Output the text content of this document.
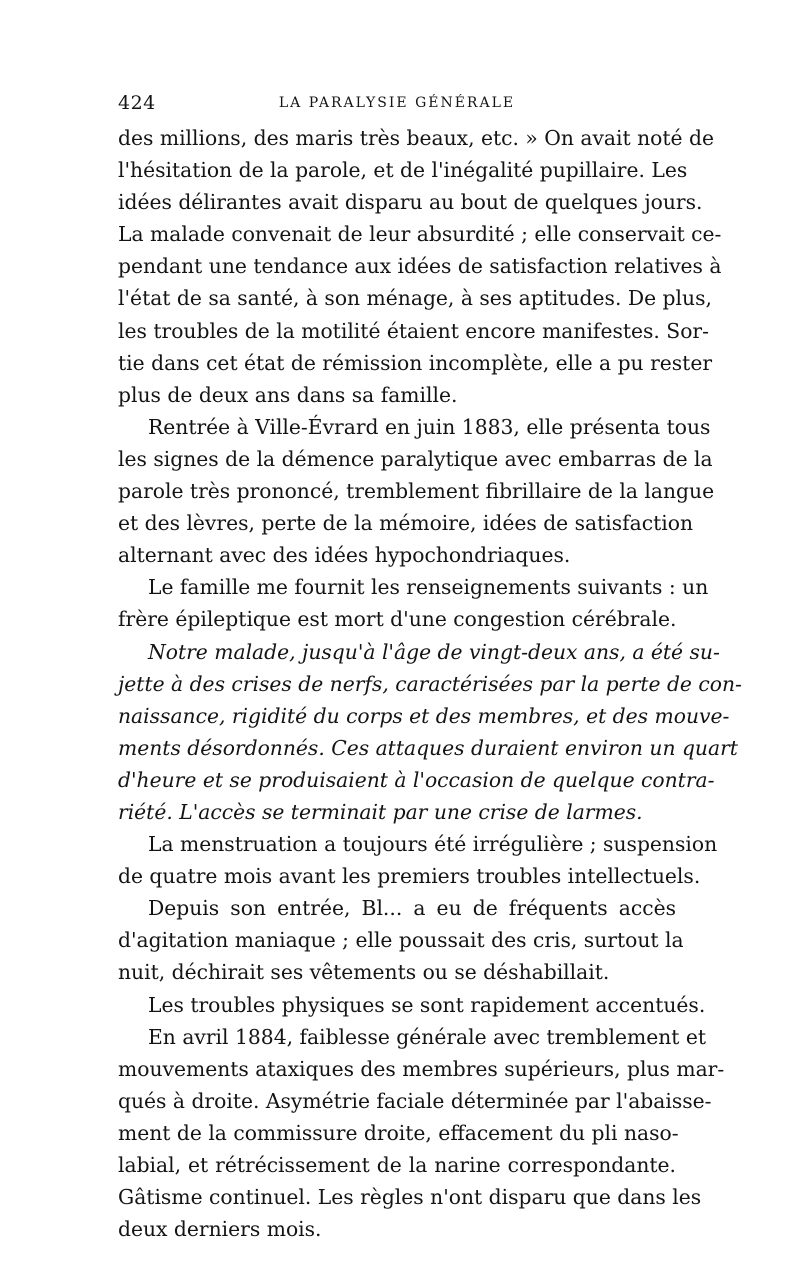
424	LA PARALYSIE GÉNÉRALE
des millions, des maris très beaux, etc. » On avait noté de
l'hésitation de la parole, et de l'inégalité pupillaire. Les
idées délirantes avait disparu au bout de quelques jours.
La malade convenait de leur absurdité ; elle conservait ce-
pendant une tendance aux idées de satisfaction relatives à
l'état de sa santé, à son ménage, à ses aptitudes. De plus,
les troubles de la motilité étaient encore manifestes. Sor-
tie dans cet état de rémission incomplète, elle a pu rester
plus de deux ans dans sa famille.
Rentrée à Ville-Évrard en juin 1883, elle présenta tous
les signes de la démence paralytique avec embarras de la
parole très prononcé, tremblement fibrillaire de la langue
et des lèvres, perte de la mémoire, idées de satisfaction
alternant avec des idées hypochondriaques.
Le famille me fournit les renseignements suivants : un
frère épileptique est mort d'une congestion cérébrale.
Notre malade, jusqu'à l'âge de vingt-deux ans, a été su-
jette à des crises de nerfs, caractérisées par la perte de con-
naissance, rigidité du corps et des membres, et des mouve-
ments désordonnés. Ces attaques duraient environ un quart
d'heure et se produisaient à l'occasion de quelque contra-
riété. L'accès se terminait par une crise de larmes.
La menstruation a toujours été irrégulière ; suspension
de quatre mois avant les premiers troubles intellectuels.
Depuis son entrée, Bl... a eu de fréquents accès
d'agitation maniaque ; elle poussait des cris, surtout la
nuit, déchirait ses vêtements ou se déshabillait.
Les troubles physiques se sont rapidement accentués.
En avril 1884, faiblesse générale avec tremblement et
mouvements ataxiques des membres supérieurs, plus mar-
qués à droite. Asymétrie faciale déterminée par l'abaisse-
ment de la commissure droite, effacement du pli naso-
labial, et rétrécissement de la narine correspondante.
Gâtisme continuel. Les règles n'ont disparu que dans les
deux derniers mois.
